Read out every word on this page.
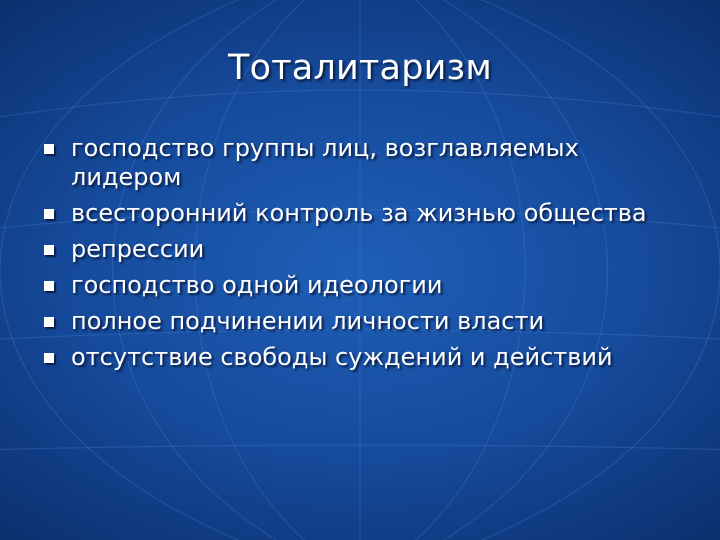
Тоталитаризм
господство группы лиц, возглавляемых лидером
всесторонний контроль за жизнью общества
репрессии
господство одной идеологии
полное подчинении личности власти
отсутствие свободы суждений и действий
